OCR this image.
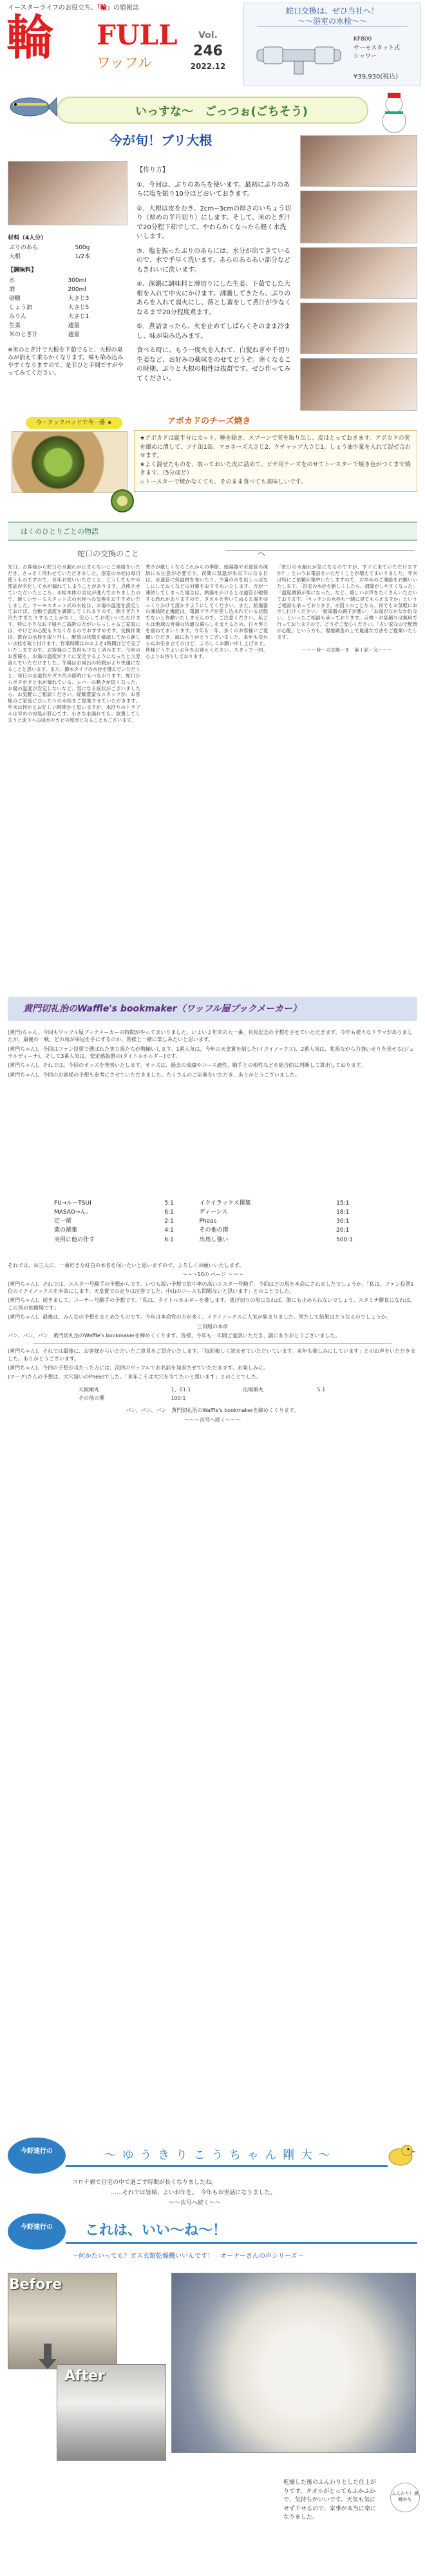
イースターライフのお役立ち、「輪」の情報誌
輪 FULL
ワッフル
Vol.
246
2022.12
蛇口交換は、ぜひ当社へ！
～～浴室の水栓～～
KF800
サーモスタット式
シャワー
¥39,930(税込)
いっすな～　ごっつぉ(ごちそう)
今が旬！ブリ大根
材料（4人分）
ぶりのあら	500g
大根	1/2本
【調味料】
水	300ml
酒	200ml
砂糖	大さじ3
しょう油	大さじ5
みりん	大さじ1
生姜	適量
米のとぎ汁	適量
※米のとぎ汁で大根を下茹でると、大根の臭みが消えて柔らかくなります。味も染み込みやすくなりますので、是非ひと手間ですがやってみてください。

【作り方】

①．今回は、ぶりのあらを使います。最初にぶりのあらに塩を振り10分ほどおいておきます。

②．大根は皮をむき、2cm~3cmの厚さのいちょう切り（厚めの半月切り）にします。そして、米のとぎ汁で20分程下茹でして、やわらかくなったら軽く水洗いします。

③．塩を振ったぶりのあらには、水分が出てきているので、水で手早く洗います。あらのあるあい部分などもきれいに洗います。

④．深鍋に調味料と薄切りにした生姜、下茹でした大根を入れて中火にかけます。沸騰してきたら、ぶりのあらを入れて弱火にし、落とし蓋をして煮汁が少なくなるまで20分程度煮ます。

⑤．煮詰まったら、火を止めてしばらくそのまま冷まし、味が染み込みます。

食べる時に、もう一度火を入れて、白髪ねぎや千切り生姜など、お好みの薬味をのせてどうぞ。寒くなるこの時期、ぶりと大根の相性は抜群です。ぜひ作ってみてください。

今・クックパッドで今一番 ★	アボカドのチーズ焼き
★アボカドは縦半分にカット。種を除き、スプーンで実を取り出し、皮はとっておきます。アボカドの実を細めに潰して、ツナ缶1缶、マヨネーズ大さじ2、ケチャップ大さじ1、しょう油少量を入れて混ぜ合わせます。
★よく混ぜたものを、取っておいた皮に詰めて、ピザ用チーズをのせてトースターで焼き色がつくまで焼きます。（5分ほど）
☆トースターで焼かなくても、そのまま食べても美味しいです。
はくのひとりごとの物語
蛇口の交換のこと	ヘ

先日、お客様から蛇口の水漏れが止まらないとご連絡をいただき、さっそく伺わせていただきました。浴室の水栓は毎日使うものですので、長年お使いいただくと、どうしても中の部品が劣化して水が漏れてしまうことがあります。点検させていただいたところ、水栓本体の劣化が進んでおりましたので、新しいサーモスタット式の水栓への交換をおすすめいたしました。サーモスタット式の水栓は、お湯の温度を設定しておけば、自動で温度を調節してくれますので、熱すぎたり冷たすぎたりすることがなく、安心してお使いいただけます。特に小さなお子様やご高齢の方がいらっしゃるご家庭には、やけどの心配も少なくなるのでおすすめです。交換作業は、既存の水栓を取り外し、配管の状態を確認してから新しい水栓を取り付けます。作業時間はおおよそ1時間ほどで完了いたしますので、お客様のご負担も少なく済みます。今回のお客様も、お湯の温度がすぐに安定するようになったと大変喜んでいただけました。冬場はお風呂の時間がより快適になることと思います。また、節水タイプの水栓を選んでいただくと、毎日の水道代やガス代の節約にもつながります。蛇口からポタポタと水が漏れている、レバーの動きが固くなった、お湯の温度が安定しないなど、気になる症状がございましたら、お気軽にご相談ください。経験豊富なスタッフが、お客様のご家庭にぴったりの水栓をご提案させていただきます。年末は何かとお忙しい時期かと思いますが、水回りのトラブルは早めの対処が肝心です。小さな水漏れでも、放置してしまうと床下への浸水やカビの原因となることもございます。

寒さが厳しくなるこれからの季節、給湯器や水道管の凍結にも注意が必要です。夜間に気温が氷点下になる日は、水道管に保温材を巻いたり、少量の水を出しっぱなしにしておくなどの対策をおすすめいたします。万が一凍結してしまった場合は、熱湯をかけると水道管が破裂する恐れがありますので、タオルを巻いてぬるま湯をゆっくりかけて溶かすようにしてください。また、給湯器の凍結防止機能は、電源プラグが差し込まれている状態でないと作動いたしませんので、ご注意ください。私どもは地域の皆様の快適な暮らしを支えるため、日々努力を重ねてまいります。今年も一年、多くのお客様にご愛顧いただき、誠にありがとうございました。来年も変わらぬお引き立てのほど、よろしくお願い申し上げます。皆様どうぞよいお年をお迎えください。スタッフ一同、心よりお待ちしております。

「蛇口の水漏れが気になるのですが、すぐに来ていただけますか？」というお電話をいただくことが増えてまいりました。年末は特にご依頼が集中いたしますので、お早めのご連絡をお願いいたします。「浴室の水栓を新しくしたら、掃除がしやすくなった」「温度調節が楽になった」など、嬉しいお声をたくさんいただいております。「キッチンの水栓も一緒に見てもらえますか」というご相談も承っております。水回りのことなら、何でもお気軽にお申し付けください。「給湯器の調子が悪い」「お湯がなかなか出ない」といったご相談も承っております。点検・お見積りは無料で行っておりますので、どうぞご安心ください。「古い家なので配管が心配」という方も、現地調査の上で最適な方法をご提案いたします。

～～～登～の交換～き　第１話・完～～～

黄門切礼治のWaffle's bookmaker（ワッフル屋ブックメーカー）

(黄門)ちゃん、今回もワッフル屋ブックメーカーの時間がやってまいりました。いよいよ年末の大一番、有馬記念の予想をさせていただきます。今年も様々なドラマがありましたが、最後の一戦、どの馬が栄冠を手にするのか、皆様と一緒に楽しみたいと思います。

(黄門ちゃん)、今回はファン投票で選ばれた実力馬たちが勢揃いします。1番人気は、今年の天皇賞を制した(イクイノックス)、2番人気は、牝馬ながら力強い走りを見せる(ジェラルディーナ)、そして3番人気は、安定感抜群の(タイトルホルダー)です。

(黄門ちゃん)、それでは、今回のオッズを発表いたします。オッズは、過去の成績やコース適性、騎手との相性などを総合的に判断して算出しております。

(黄門ちゃん)、今回のお客様の予想も参考にさせていただきました。たくさんのご応募をいただき、ありがとうございました。

FU→ルーTSUI	5:1	イクイラックス撰集	15:1
MASAO→ん。	6:1	ディーシス	18:1
定一撰	2:1	Pheas	30:1
菓の撰集	4:1	その他の撰	20:1
実用に他の仕す	6:1	出馬し強い	500:1

それでは、お三人に、一番好きな紅白の本名を伺いたいと思いますので、よろしくお願いいたします。

～～～10の ページ ～～～

(黄門ちゃん)、それでは、エスタ一号騎手の予想からです。いつも鋭い予想で的中率の高いエスタ一号騎手、今回はどの馬を本命にされましたでしょうか。「私は、ファン投票1位のイクイノックスを本命にします。天皇賞での走りは圧巻でした。中山のコースも問題ないと思います」とのことでした。

(黄門ちゃん)、続きまして、コーナー号騎手の予想です。「私は、タイトルホルダーを推します。逃げ切りの形になれば、誰にも止められないでしょう。スタミナ勝負になれば、この馬の独壇場です」

(黄門ちゃん)、最後は、みんなの予想をまとめたものです。今年は本命党の方が多く、イクイノックスに人気が集まりました。果たして結果はどうなるのでしょうか。

三田組の本命

パン、パン、パン　黄門切礼治のWaffle's bookmakerを締めくくります。皆様、今年も一年間ご愛読いただき、誠にありがとうございました。

(黄門ちゃん)、それでは最後に、お客様からいただいたご意見をご紹介いたします。「毎回楽しく読ませていただいています。来年も楽しみにしています」とのお声をいただきました。ありがとうございます。

(黄門ちゃん)、今回の予想が当たった方には、次回のワッフルでお名前を発表させていただきます。お楽しみに。

(マーク)さんの予想は、大穴狙いのPheasでした。「来年こそは大穴を当てたいと思います」とのことでした。

天候順丸	1、01:1	出場順丸	5:1
その他の撰	100:1		

パン、パン、パン　黄門切礼治のWaffle's bookmakerを締めくくります。

～～～次号へ続く～～～

今野達行の	～ ゆ う き り こ う ち ゃ ん 剛 大 ～
コロナ禍で自宅の中で過ごす時間が長くなりましたね。
……それでは皆様、よいお年を。　今年もお世話になりました。
～～次号へ続く～～
今野達行の	これは、いい～ね～！
～何かたいっても？ガス衣類乾燥機いいんです！　オーナーさんの声シリーズ～
Before
After
乾燥した後のふんわりとした仕上がりです。タオルがとってもふかふかで、気持ちがいいです。天気も気にせず干せるので、家事が本当に楽になりました。
ふんわり！感触かも
